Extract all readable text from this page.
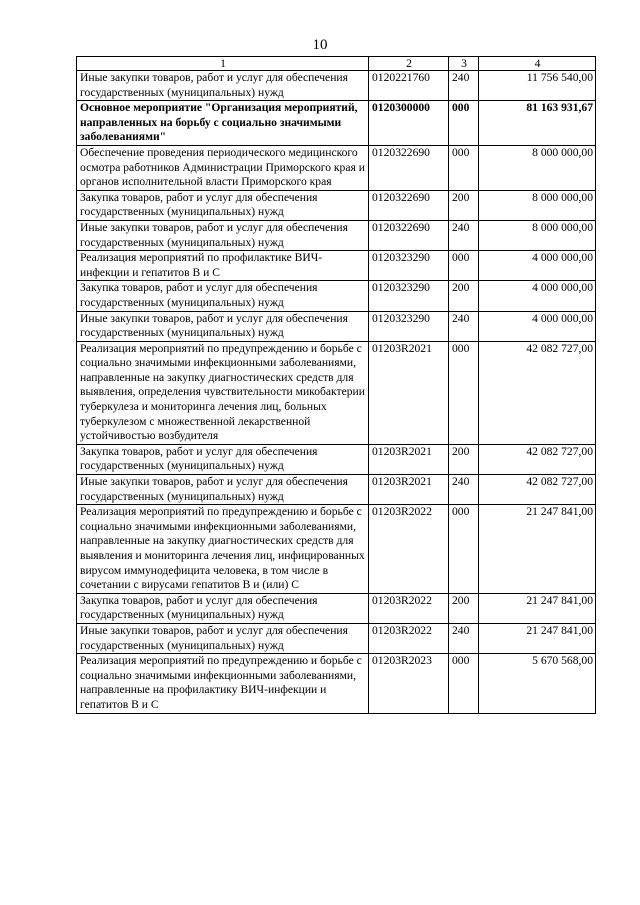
10
1	2	3	4
Иные закупки товаров, работ и услуг для обеспечения государственных (муниципальных) нужд	0120221760	240	11 756 540,00
Основное мероприятие "Организация мероприятий, направленных на борьбу с социально значимыми заболеваниями"	0120300000	000	81 163 931,67
Обеспечение проведения периодического медицинского осмотра работников Администрации Приморского края и органов исполнительной власти Приморского края	0120322690	000	8 000 000,00
Закупка товаров, работ и услуг для обеспечения государственных (муниципальных) нужд	0120322690	200	8 000 000,00
Иные закупки товаров, работ и услуг для обеспечения государственных (муниципальных) нужд	0120322690	240	8 000 000,00
Реализация мероприятий по профилактике ВИЧ-инфекции и гепатитов В и С	0120323290	000	4 000 000,00
Закупка товаров, работ и услуг для обеспечения государственных (муниципальных) нужд	0120323290	200	4 000 000,00
Иные закупки товаров, работ и услуг для обеспечения государственных (муниципальных) нужд	0120323290	240	4 000 000,00
Реализация мероприятий по предупреждению и борьбе с социально значимыми инфекционными заболеваниями, направленные на закупку диагностических средств для выявления, определения чувствительности микобактерии туберкулеза и мониторинга лечения лиц, больных туберкулезом с множественной лекарственной устойчивостью возбудителя	01203R2021	000	42 082 727,00
Закупка товаров, работ и услуг для обеспечения государственных (муниципальных) нужд	01203R2021	200	42 082 727,00
Иные закупки товаров, работ и услуг для обеспечения государственных (муниципальных) нужд	01203R2021	240	42 082 727,00
Реализация мероприятий по предупреждению и борьбе с социально значимыми инфекционными заболеваниями, направленные на закупку диагностических средств для выявления и мониторинга лечения лиц, инфицированных вирусом иммунодефицита человека, в том числе в сочетании с вирусами гепатитов В и (или) С	01203R2022	000	21 247 841,00
Закупка товаров, работ и услуг для обеспечения государственных (муниципальных) нужд	01203R2022	200	21 247 841,00
Иные закупки товаров, работ и услуг для обеспечения государственных (муниципальных) нужд	01203R2022	240	21 247 841,00
Реализация мероприятий по предупреждению и борьбе с социально значимыми инфекционными заболеваниями, направленные на профилактику ВИЧ-инфекции и гепатитов В и С	01203R2023	000	5 670 568,00
